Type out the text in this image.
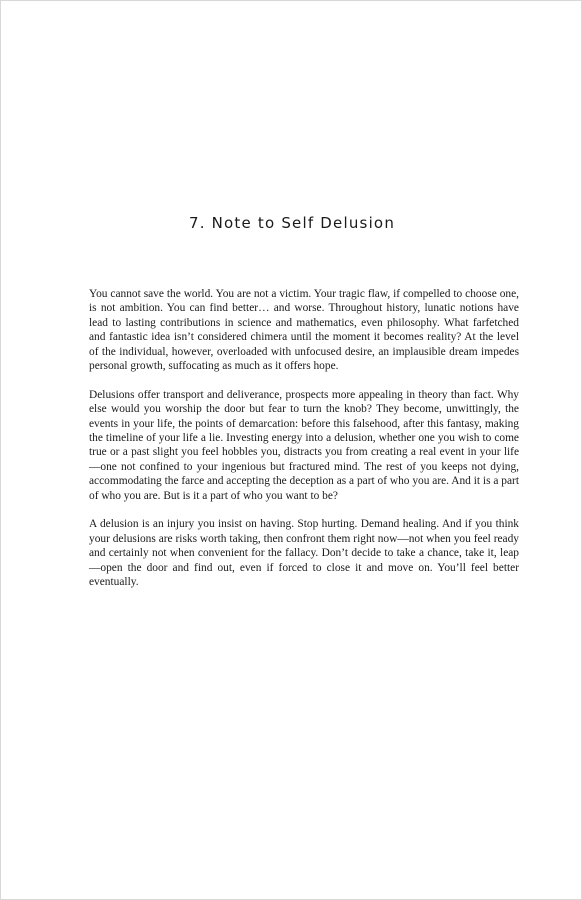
7. Note to Self Delusion

You cannot save the world. You are not a victim. Your tragic flaw, if compelled to choose one, is not ambition. You can find better… and worse. Throughout history, lunatic notions have lead to lasting contributions in science and mathematics, even philosophy. What farfetched and fantastic idea isn’t considered chimera until the moment it becomes reality? At the level of the individual, however, overloaded with unfocused desire, an implausible dream impedes personal growth, suffocating as much as it offers hope.

Delusions offer transport and deliverance, prospects more appealing in theory than fact. Why else would you worship the door but fear to turn the knob? They become, unwittingly, the events in your life, the points of demarcation: before this falsehood, after this fantasy, making the timeline of your life a lie. Investing energy into a delusion, whether one you wish to come true or a past slight you feel hobbles you, distracts you from creating a real event in your life—one not confined to your ingenious but fractured mind. The rest of you keeps not dying, accommodating the farce and accepting the deception as a part of who you are. And it is a part of who you are. But is it a part of who you want to be?

A delusion is an injury you insist on having. Stop hurting. Demand healing. And if you think your delusions are risks worth taking, then confront them right now—not when you feel ready and certainly not when convenient for the fallacy. Don’t decide to take a chance, take it, leap—open the door and find out, even if forced to close it and move on. You’ll feel better eventually.
